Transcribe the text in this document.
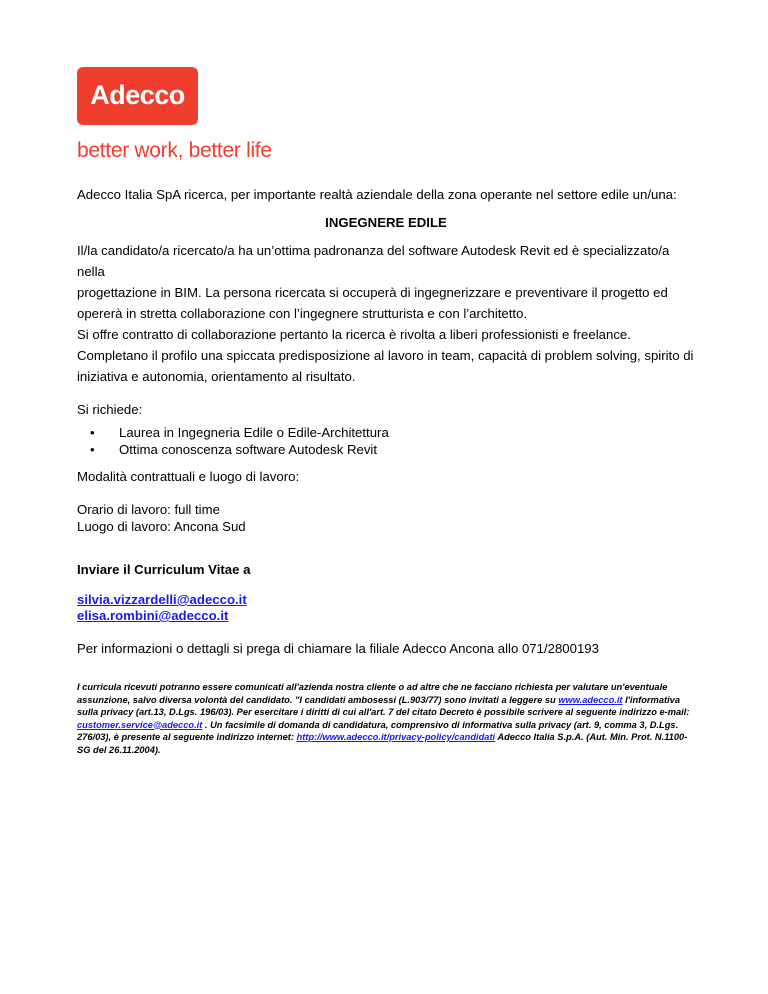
Adecco
better work, better life

Adecco Italia SpA ricerca, per importante realtà aziendale della zona operante nel settore edile un/una:

INGEGNERE EDILE

Il/la candidato/a ricercato/a ha un’ottima padronanza del software Autodesk Revit ed è specializzato/a nella

progettazione in BIM. La persona ricercata si occuperà di ingegnerizzare e preventivare il progetto ed

opererà in stretta collaborazione con l’ingegnere strutturista e con l’architetto.

Si offre contratto di collaborazione pertanto la ricerca è rivolta a liberi professionisti e freelance.

Completano il profilo una spiccata predisposizione al lavoro in team, capacità di problem solving, spirito di

iniziativa e autonomia, orientamento al risultato.

Si richiede:

• Laurea in Ingegneria Edile o Edile-Architettura
• Ottima conoscenza software Autodesk Revit

Modalità contrattuali e luogo di lavoro:

Orario di lavoro: full time

Luogo di lavoro: Ancona Sud

Inviare il Curriculum Vitae a

silvia.vizzardelli@adecco.it
elisa.rombini@adecco.it

Per informazioni o dettagli si prega di chiamare la filiale Adecco Ancona allo 071/2800193

I curricula ricevuti potranno essere comunicati all'azienda nostra cliente o ad altre che ne facciano richiesta per valutare un'eventuale assunzione, salvo diversa volontà del candidato. "I candidati ambosessi (L.903/77) sono invitati a leggere su www.adecco.it l'informativa sulla privacy (art.13, D.Lgs. 196/03). Per esercitare i diritti di cui all'art. 7 del citato Decreto è possibile scrivere al seguente indirizzo e-mail: customer.service@adecco.it . Un facsimile di domanda di candidatura, comprensivo di informativa sulla privacy (art. 9, comma 3, D.Lgs. 276/03), è presente al seguente indirizzo internet: http://www.adecco.it/privacy-policy/candidati Adecco Italia S.p.A. (Aut. Min. Prot. N.1100-SG del 26.11.2004).
